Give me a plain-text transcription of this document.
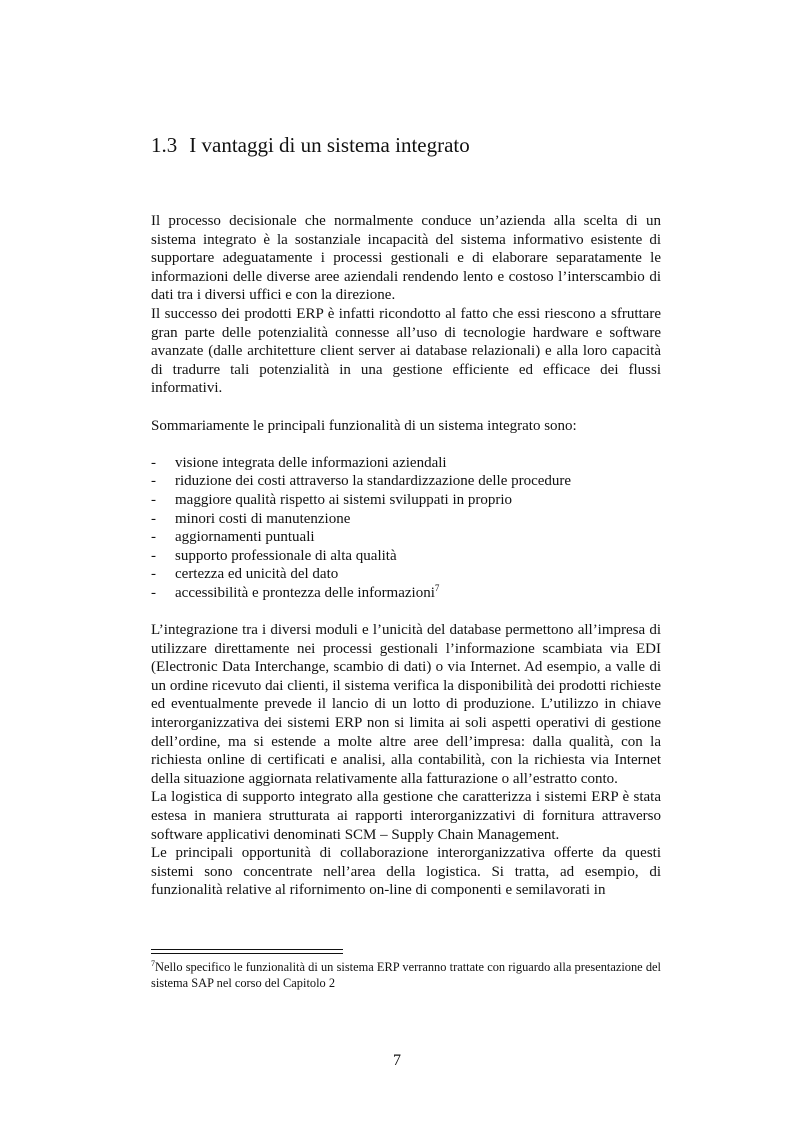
1.3 I vantaggi di un sistema integrato

Il processo decisionale che normalmente conduce un’azienda alla scelta di un sistema integrato è la sostanziale incapacità del sistema informativo esistente di supportare adeguatamente i processi gestionali e di elaborare separatamente le informazioni delle diverse aree aziendali rendendo lento e costoso l’interscambio di dati tra i diversi uffici e con la direzione.

Il successo dei prodotti ERP è infatti ricondotto al fatto che essi riescono a sfruttare gran parte delle potenzialità connesse all’uso di tecnologie hardware e software avanzate (dalle architetture client server ai database relazionali) e alla loro capacità di tradurre tali potenzialità in una gestione efficiente ed efficace dei flussi informativi.

Sommariamente le principali funzionalità di un sistema integrato sono:

- visione integrata delle informazioni aziendali
- riduzione dei costi attraverso la standardizzazione delle procedure
- maggiore qualità rispetto ai sistemi sviluppati in proprio
- minori costi di manutenzione
- aggiornamenti puntuali
- supporto professionale di alta qualità
- certezza ed unicità del dato
- accessibilità e prontezza delle informazioni$^7$

L’integrazione tra i diversi moduli e l’unicità del database permettono all’impresa di utilizzare direttamente nei processi gestionali l’informazione scambiata via EDI (Electronic Data Interchange, scambio di dati) o via Internet. Ad esempio, a valle di un ordine ricevuto dai clienti, il sistema verifica la disponibilità dei prodotti richieste ed eventualmente prevede il lancio di un lotto di produzione. L’utilizzo in chiave interorganizzativa dei sistemi ERP non si limita ai soli aspetti operativi di gestione dell’ordine, ma si estende a molte altre aree dell’impresa: dalla qualità, con la richiesta online di certificati e analisi, alla contabilità, con la richiesta via Internet della situazione aggiornata relativamente alla fatturazione o all’estratto conto.

La logistica di supporto integrato alla gestione che caratterizza i sistemi ERP è stata estesa in maniera strutturata ai rapporti interorganizzativi di fornitura attraverso software applicativi denominati SCM – Supply Chain Management.

Le principali opportunità di collaborazione interorganizzativa offerte da questi sistemi sono concentrate nell’area della logistica. Si tratta, ad esempio, di funzionalità relative al rifornimento on-line di componenti e semilavorati in

$^7$Nello specifico le funzionalità di un sistema ERP verranno trattate con riguardo alla presentazione del sistema SAP nel corso del Capitolo 2

7
